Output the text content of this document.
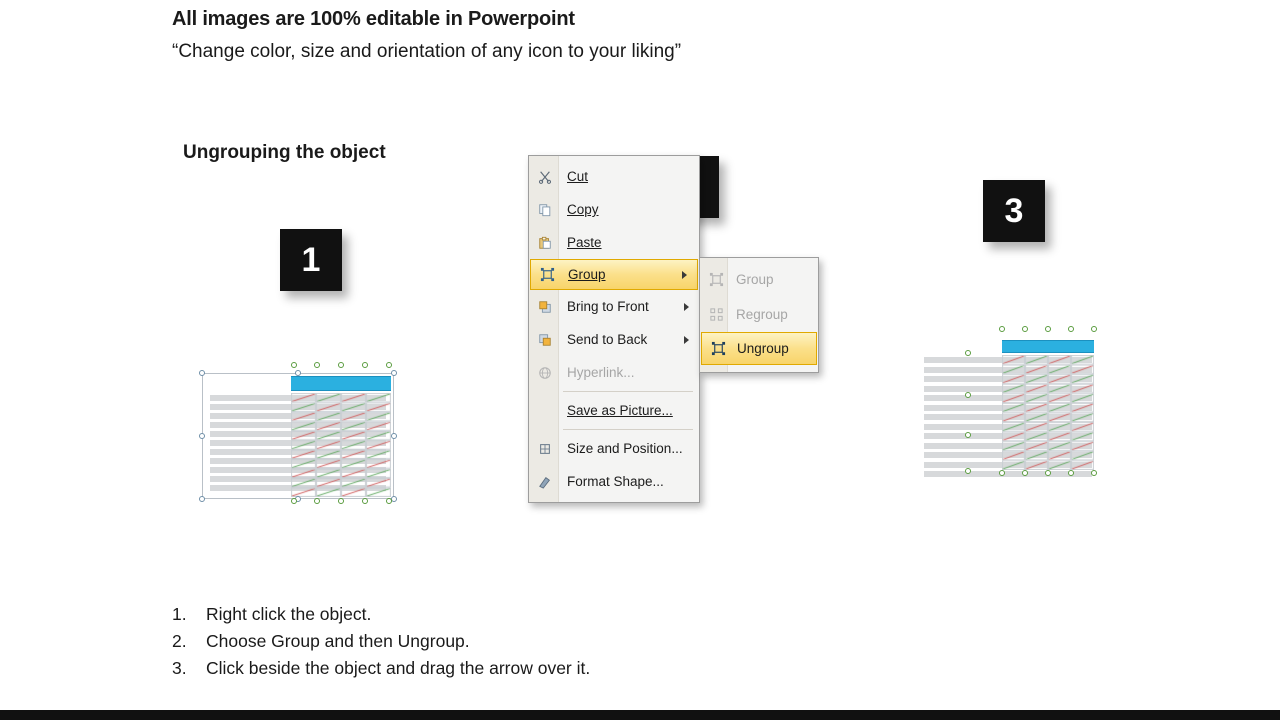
All images are 100% editable in Powerpoint
“Change color, size and orientation of any icon to your liking”
Ungrouping the object
1
3
Cut
Copy
Paste
Group
Bring to Front
Send to Back
Hyperlink...
Save as Picture...
Size and Position...
Format Shape...
Group
Regroup
Ungroup
1.	Right click the object.
2.	Choose Group and then Ungroup.
3.	Click beside the object and drag the arrow over it.
